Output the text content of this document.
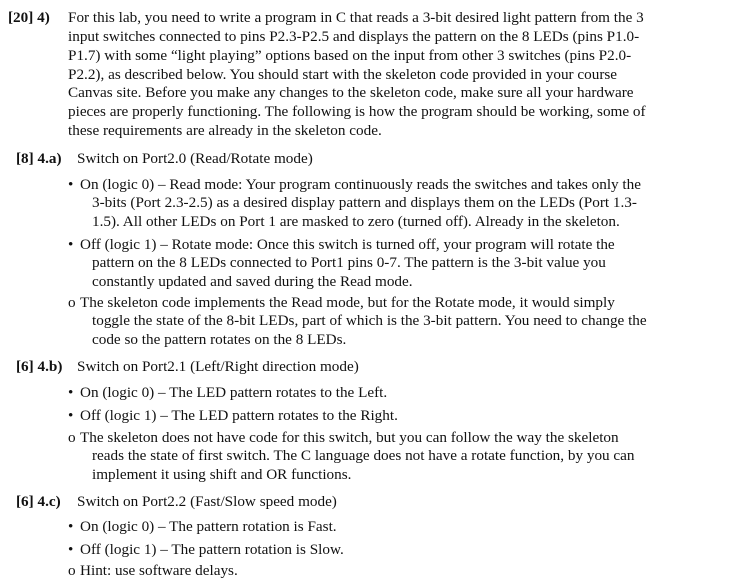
[20] 4) For this lab, you need to write a program in C that reads a 3-bit desired light pattern from the 3
input switches connected to pins P2.3-P2.5 and displays the pattern on the 8 LEDs (pins P1.0-
P1.7) with some “light playing” options based on the input from other 3 switches (pins P2.0-
P2.2), as described below. You should start with the skeleton code provided in your course
Canvas site. Before you make any changes to the skeleton code, make sure all your hardware
pieces are properly functioning. The following is how the program should be working, some of
these requirements are already in the skeleton code.
[8] 4.a) Switch on Port2.0 (Read/Rotate mode)
• On (logic 0) – Read mode: Your program continuously reads the switches and takes only the
3-bits (Port 2.3-2.5) as a desired display pattern and displays them on the LEDs (Port 1.3-
1.5). All other LEDs on Port 1 are masked to zero (turned off). Already in the skeleton.
• Off (logic 1) – Rotate mode: Once this switch is turned off, your program will rotate the
pattern on the 8 LEDs connected to Port1 pins 0-7. The pattern is the 3-bit value you
constantly updated and saved during the Read mode.
o The skeleton code implements the Read mode, but for the Rotate mode, it would simply
toggle the state of the 8-bit LEDs, part of which is the 3-bit pattern. You need to change the
code so the pattern rotates on the 8 LEDs.
[6] 4.b) Switch on Port2.1 (Left/Right direction mode)
• On (logic 0) – The LED pattern rotates to the Left.
• Off (logic 1) – The LED pattern rotates to the Right.
o The skeleton does not have code for this switch, but you can follow the way the skeleton
reads the state of first switch. The C language does not have a rotate function, by you can
implement it using shift and OR functions.
[6] 4.c) Switch on Port2.2 (Fast/Slow speed mode)
• On (logic 0) – The pattern rotation is Fast.
• Off (logic 1) – The pattern rotation is Slow.
o Hint: use software delays.
